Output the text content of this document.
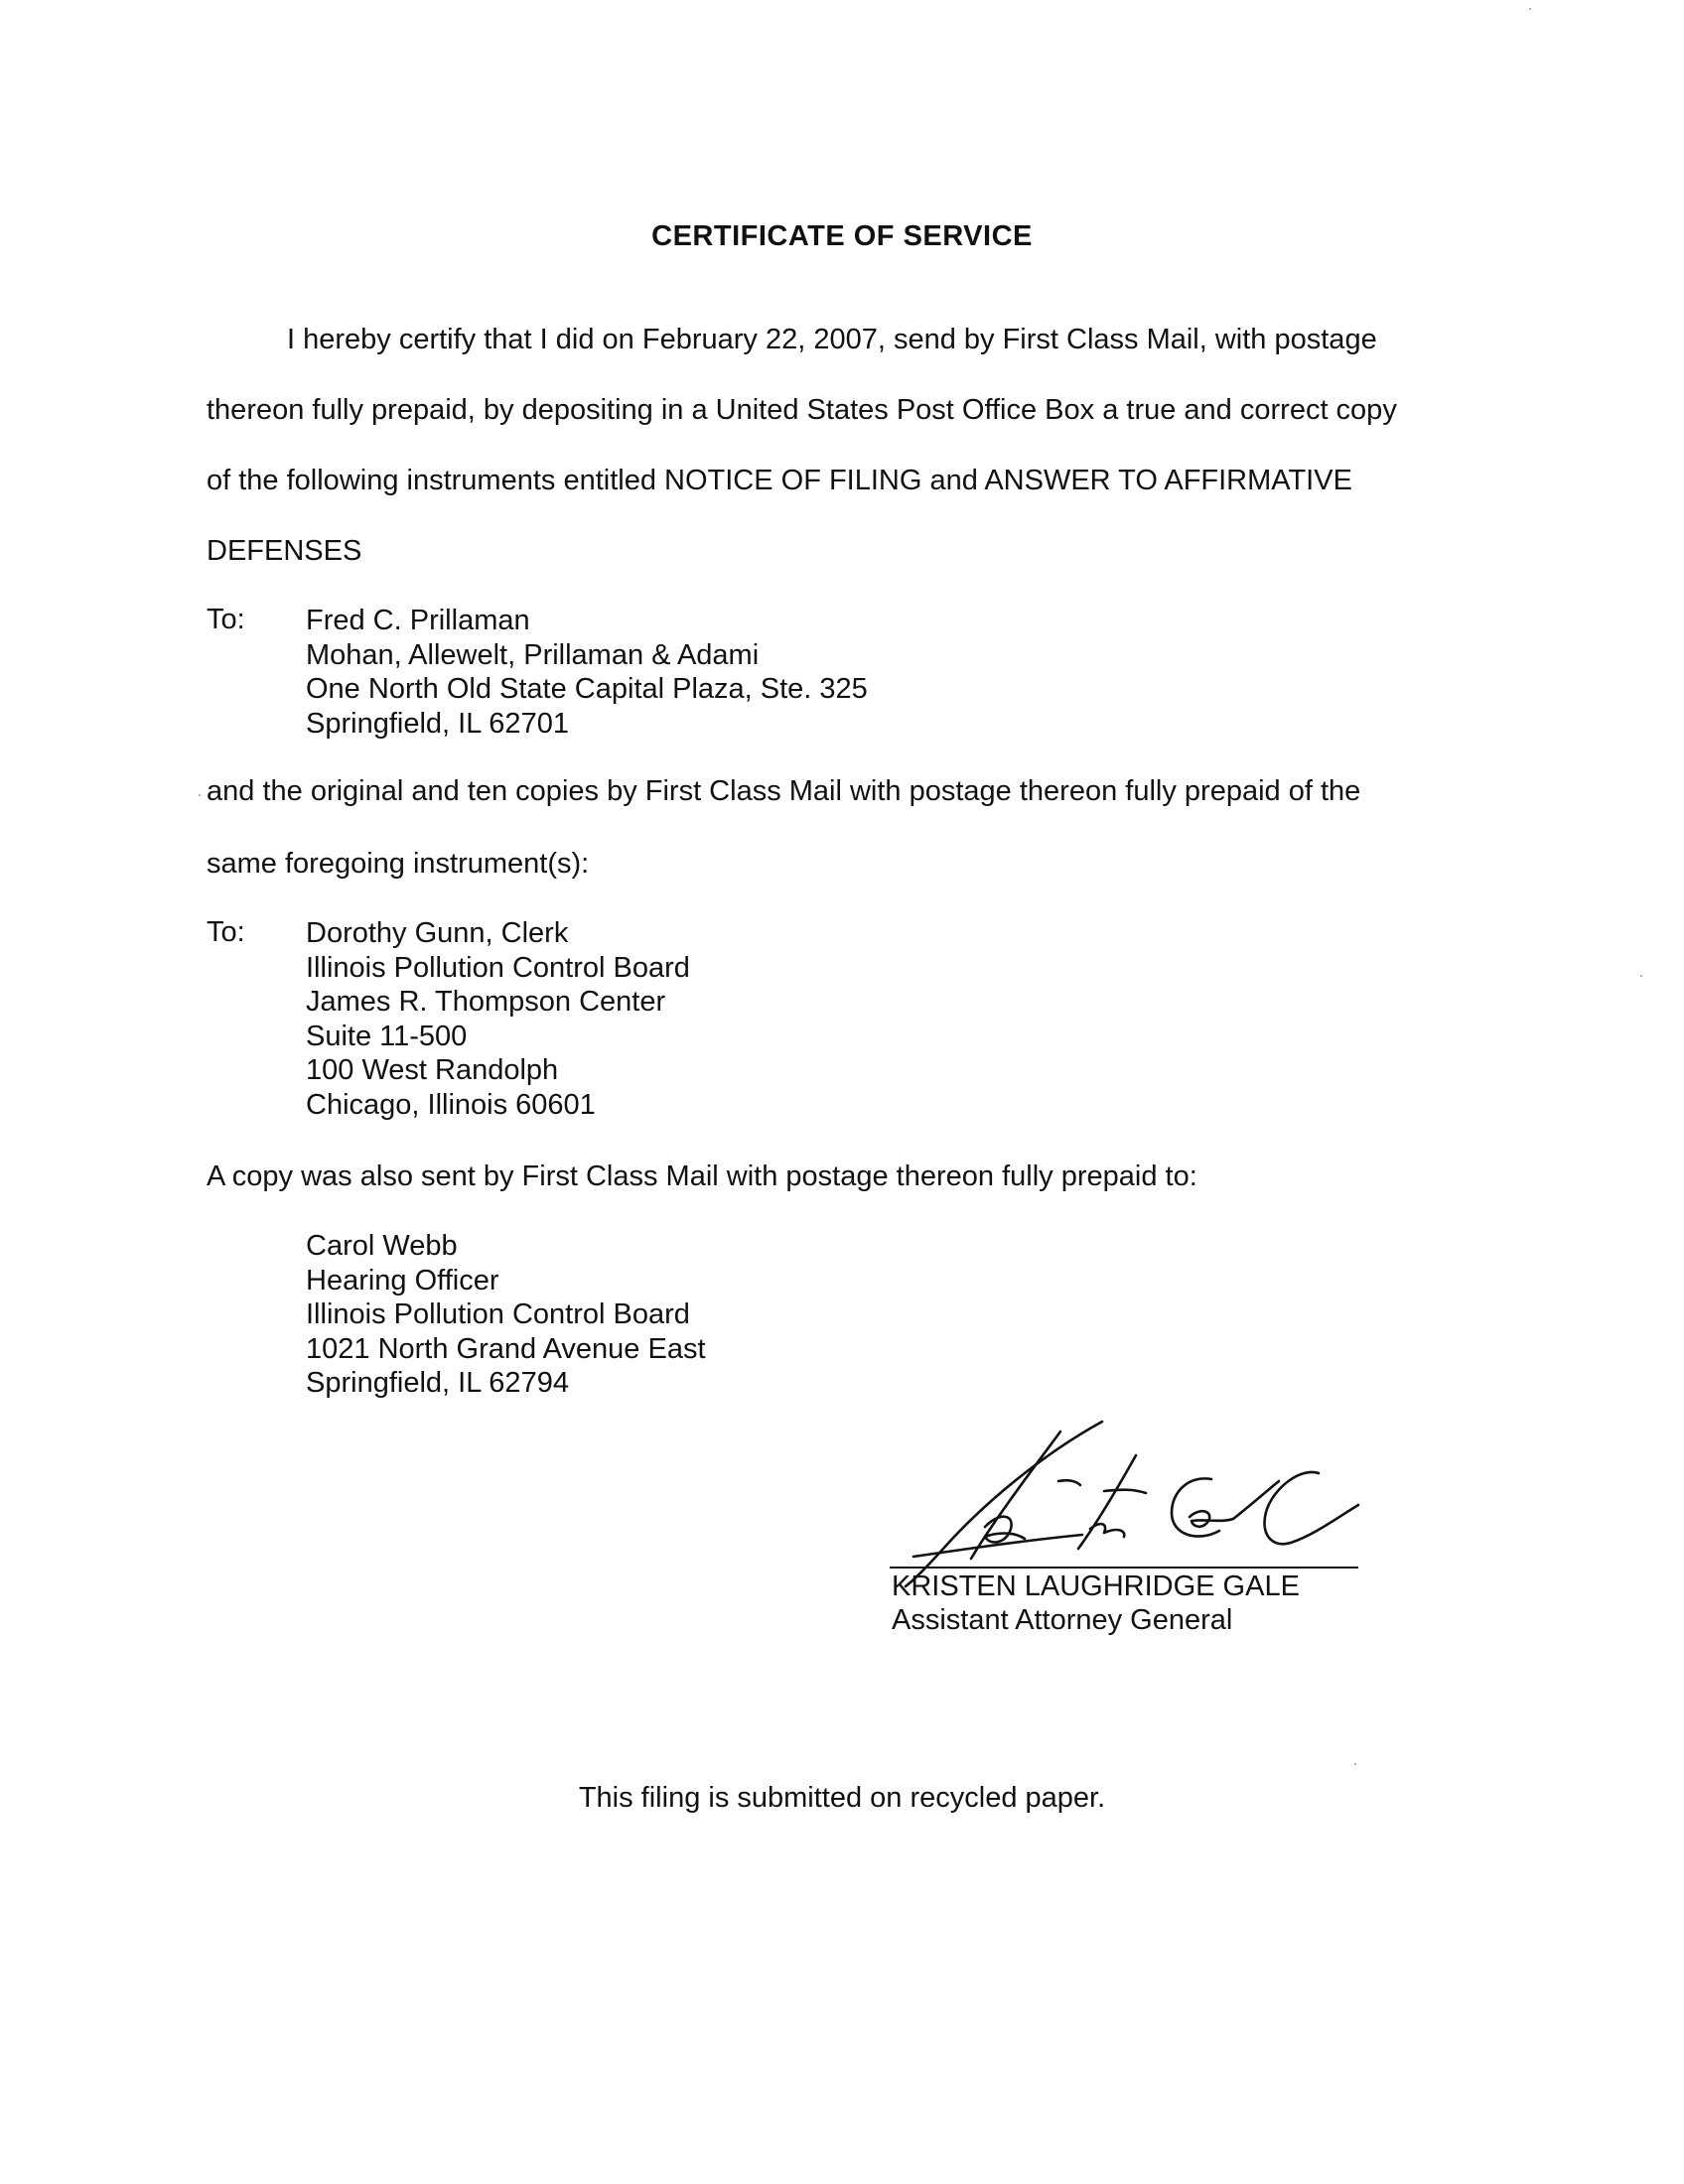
CERTIFICATE OF SERVICE
I hereby certify that I did on February 22, 2007, send by First Class Mail, with postage
thereon fully prepaid, by depositing in a United States Post Office Box a true and correct copy
of the following instruments entitled NOTICE OF FILING and ANSWER TO AFFIRMATIVE
DEFENSES
To: Fred C. Prillaman
Mohan, Allewelt, Prillaman & Adami
One North Old State Capital Plaza, Ste. 325
Springfield, IL 62701
and the original and ten copies by First Class Mail with postage thereon fully prepaid of the
same foregoing instrument(s):
To: Dorothy Gunn, Clerk
Illinois Pollution Control Board
James R. Thompson Center
Suite 11-500
100 West Randolph
Chicago, Illinois 60601
A copy was also sent by First Class Mail with postage thereon fully prepaid to:
Carol Webb
Hearing Officer
Illinois Pollution Control Board
1021 North Grand Avenue East
Springfield, IL 62794
KRISTEN LAUGHRIDGE GALE
Assistant Attorney General
This filing is submitted on recycled paper.
